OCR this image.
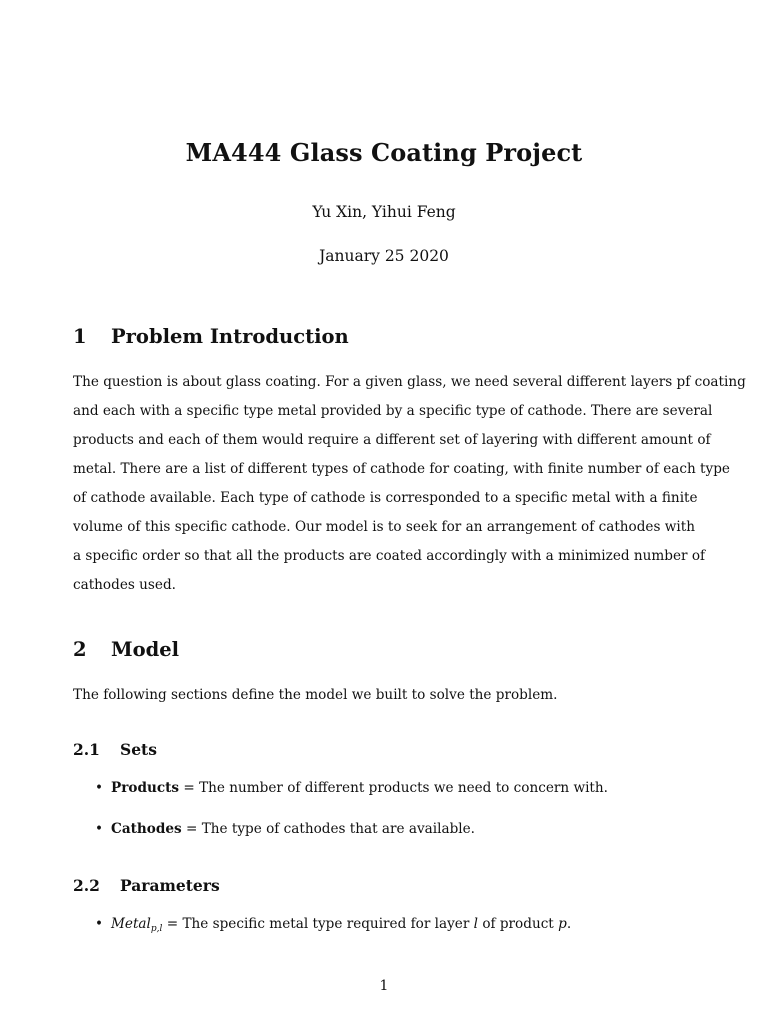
MA444 Glass Coating Project
Yu Xin, Yihui Feng
January 25 2020
1 Problem Introduction
The question is about glass coating. For a given glass, we need several different layers pf coating
and each with a specific type metal provided by a specific type of cathode. There are several
products and each of them would require a different set of layering with different amount of
metal. There are a list of different types of cathode for coating, with finite number of each type
of cathode available. Each type of cathode is corresponded to a specific metal with a finite
volume of this specific cathode. Our model is to seek for an arrangement of cathodes with
a specific order so that all the products are coated accordingly with a minimized number of
cathodes used.
2 Model
The following sections define the model we built to solve the problem.
2.1 Sets
• Products = The number of different products we need to concern with.
• Cathodes = The type of cathodes that are available.
2.2 Parameters
• Metal$_{p,l}$ = The specific metal type required for layer l of product p.
1
